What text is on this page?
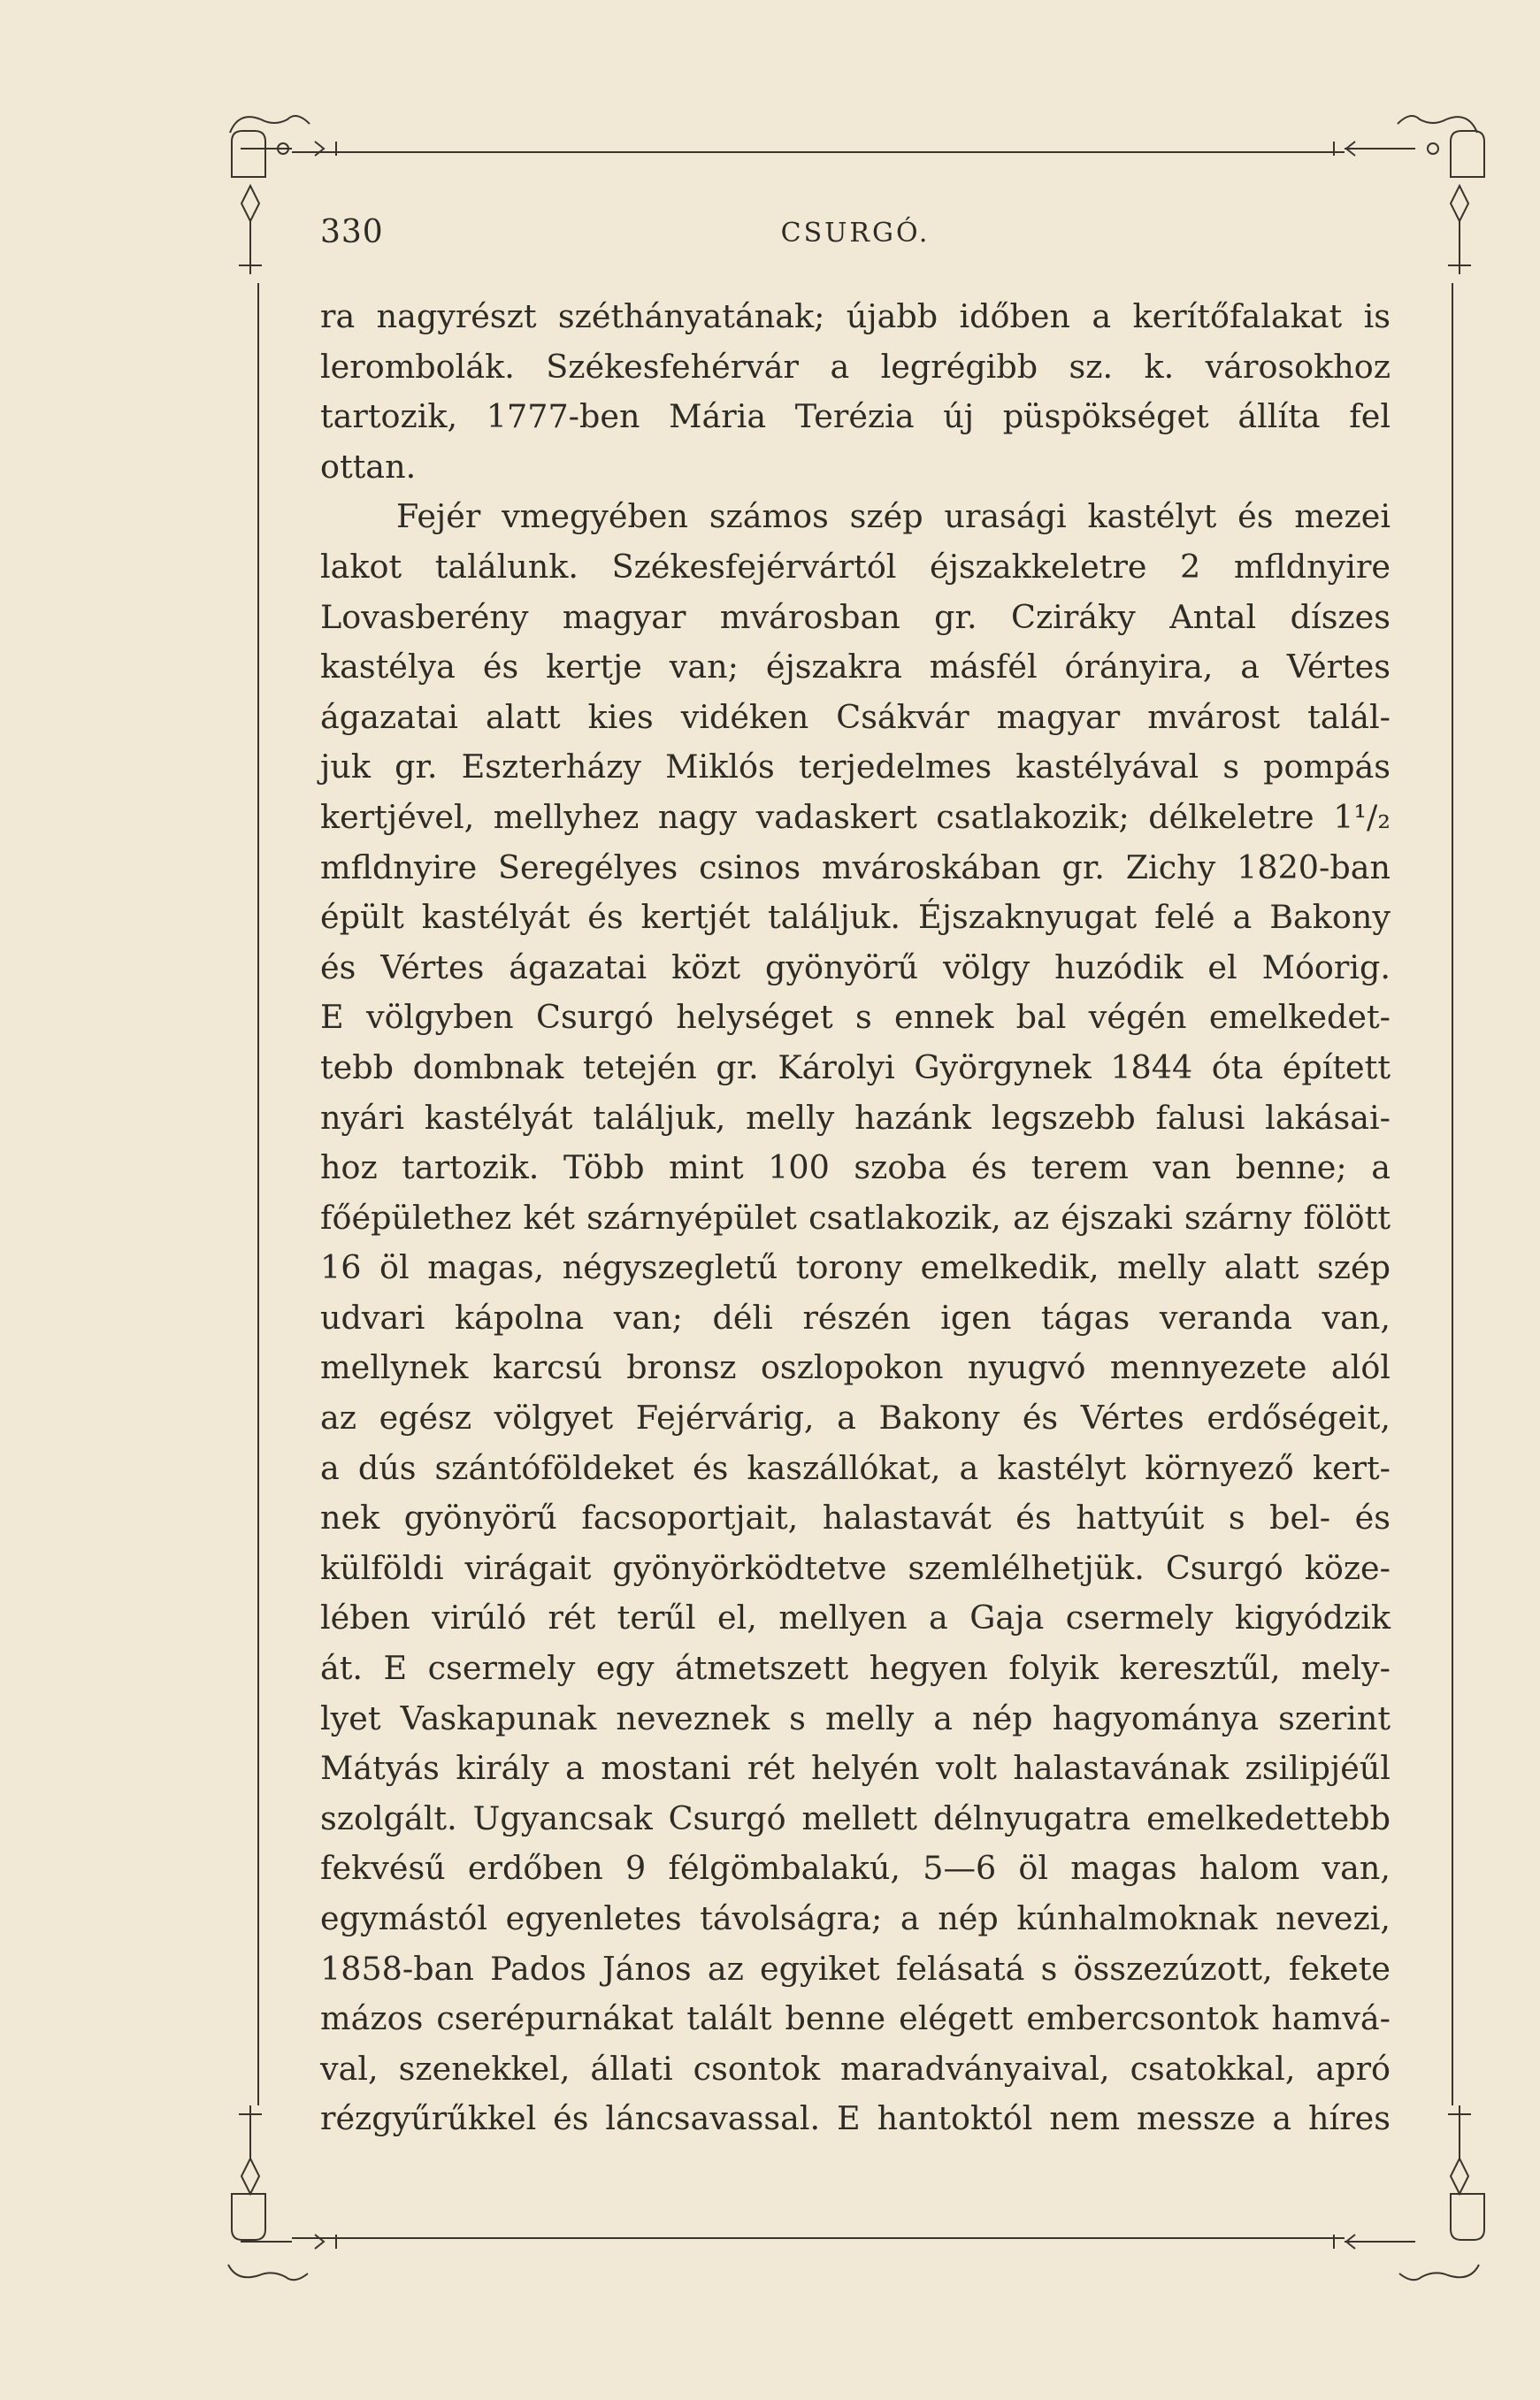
330	CSURGÓ.
ra nagyrészt széthányatának; újabb időben a kerítőfalakat is
lerombolák. Székesfehérvár a legrégibb sz. k. városokhoz
tartozik, 1777-ben Mária Terézia új püspökséget állíta fel
ottan.
Fejér vmegyében számos szép urasági kastélyt és mezei
lakot találunk. Székesfejérvártól éjszakkeletre 2 mfldnyire
Lovasberény magyar mvárosban gr. Cziráky Antal díszes
kastélya és kertje van; éjszakra másfél órányira, a Vértes
ágazatai alatt kies vidéken Csákvár magyar mvárost talál-
juk gr. Eszterházy Miklós terjedelmes kastélyával s pompás
kertjével, mellyhez nagy vadaskert csatlakozik; délkeletre 1¹/₂
mfldnyire Seregélyes csinos mvároskában gr. Zichy 1820-ban
épült kastélyát és kertjét találjuk. Éjszaknyugat felé a Bakony
és Vértes ágazatai közt gyönyörű völgy huzódik el Móorig.
E völgyben Csurgó helységet s ennek bal végén emelkedet-
tebb dombnak tetején gr. Károlyi Györgynek 1844 óta épített
nyári kastélyát találjuk, melly hazánk legszebb falusi lakásai-
hoz tartozik. Több mint 100 szoba és terem van benne; a
főépülethez két szárnyépület csatlakozik, az éjszaki szárny fölött
16 öl magas, négyszegletű torony emelkedik, melly alatt szép
udvari kápolna van; déli részén igen tágas veranda van,
mellynek karcsú bronsz oszlopokon nyugvó mennyezete alól
az egész völgyet Fejérvárig, a Bakony és Vértes erdőségeit,
a dús szántóföldeket és kaszállókat, a kastélyt környező kert-
nek gyönyörű facsoportjait, halastavát és hattyúit s bel- és
külföldi virágait gyönyörködtetve szemlélhetjük. Csurgó köze-
lében virúló rét terűl el, mellyen a Gaja csermely kigyódzik
át. E csermely egy átmetszett hegyen folyik keresztűl, mely-
lyet Vaskapunak neveznek s melly a nép hagyománya szerint
Mátyás király a mostani rét helyén volt halastavának zsilipjéűl
szolgált. Ugyancsak Csurgó mellett délnyugatra emelkedettebb
fekvésű erdőben 9 félgömbalakú, 5—6 öl magas halom van,
egymástól egyenletes távolságra; a nép kúnhalmoknak nevezi,
1858-ban Pados János az egyiket felásatá s összezúzott, fekete
mázos cserépurnákat talált benne elégett embercsontok hamvá-
val, szenekkel, állati csontok maradványaival, csatokkal, apró
rézgyűrűkkel és láncsavassal. E hantoktól nem messze a híres
